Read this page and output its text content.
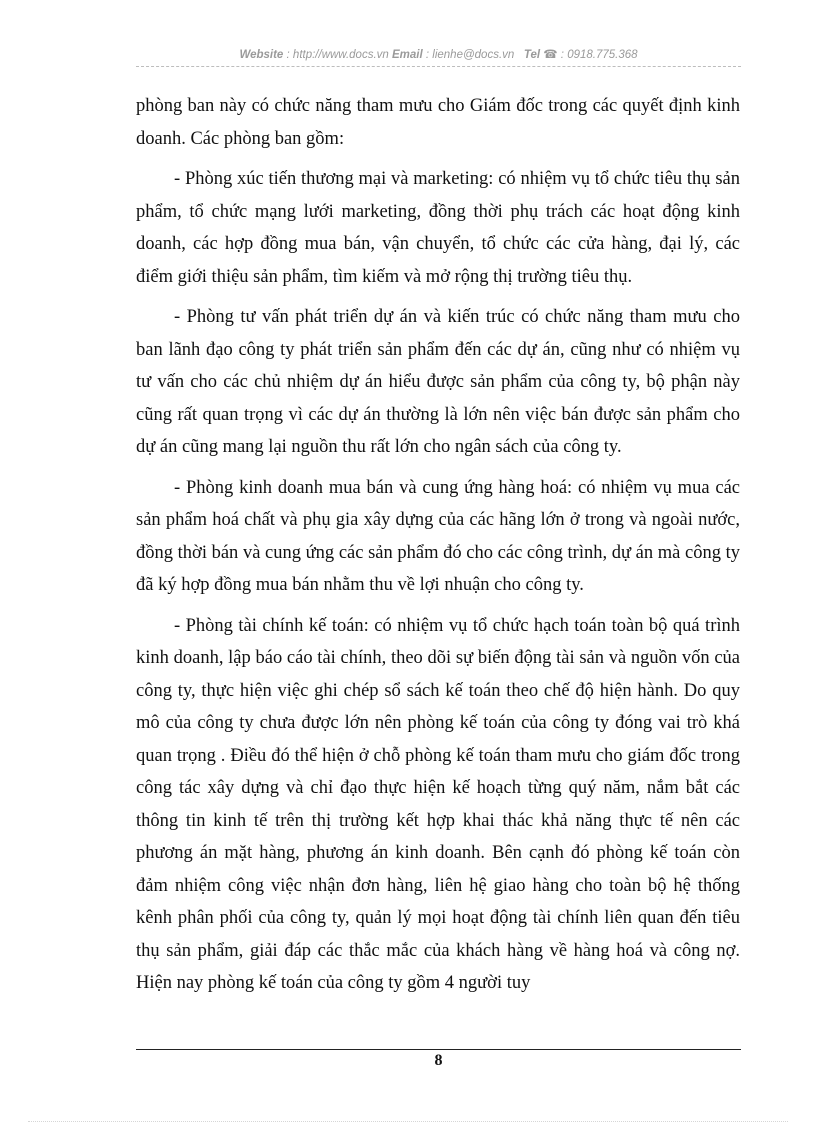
Website : http://www.docs.vn Email : lienhe@docs.vn Tel ☎ : 0918.775.368

phòng ban này có chức năng tham mưu cho Giám đốc trong các quyết định kinh doanh. Các phòng ban gồm:

- Phòng xúc tiến thương mại và marketing: có nhiệm vụ tổ chức tiêu thụ sản phẩm, tổ chức mạng lưới marketing, đồng thời phụ trách các hoạt động kinh doanh, các hợp đồng mua bán, vận chuyển, tổ chức các cửa hàng, đại lý, các điểm giới thiệu sản phẩm, tìm kiếm và mở rộng thị trường tiêu thụ.

- Phòng tư vấn phát triển dự án và kiến trúc có chức năng tham mưu cho ban lãnh đạo công ty phát triển sản phẩm đến các dự án, cũng như có nhiệm vụ tư vấn cho các chủ nhiệm dự án hiểu được sản phẩm của công ty, bộ phận này cũng rất quan trọng vì các dự án thường là lớn nên việc bán được sản phẩm cho dự án cũng mang lại nguồn thu rất lớn cho ngân sách của công ty.

- Phòng kinh doanh mua bán và cung ứng hàng hoá: có nhiệm vụ mua các sản phẩm hoá chất và phụ gia xây dựng của các hãng lớn ở trong và ngoài nước, đồng thời bán và cung ứng các sản phẩm đó cho các công trình, dự án mà công ty đã ký hợp đồng mua bán nhằm thu về lợi nhuận cho công ty.

- Phòng tài chính kế toán: có nhiệm vụ tổ chức hạch toán toàn bộ quá trình kinh doanh, lập báo cáo tài chính, theo dõi sự biến động tài sản và nguồn vốn của công ty, thực hiện việc ghi chép sổ sách kế toán theo chế độ hiện hành. Do quy mô của công ty chưa được lớn nên phòng kế toán của công ty đóng vai trò khá quan trọng . Điều đó thể hiện ở chỗ phòng kế toán tham mưu cho giám đốc trong công tác xây dựng và chỉ đạo thực hiện kế hoạch từng quý năm, nắm bắt các thông tin kinh tế trên thị trường kết hợp khai thác khả năng thực tế nên các phương án mặt hàng, phương án kinh doanh. Bên cạnh đó phòng kế toán còn đảm nhiệm công việc nhận đơn hàng, liên hệ giao hàng cho toàn bộ hệ thống kênh phân phối của công ty, quản lý mọi hoạt động tài chính liên quan đến tiêu thụ sản phẩm, giải đáp các thắc mắc của khách hàng về hàng hoá và công nợ. Hiện nay phòng kế toán của công ty gồm 4 người tuy

8
